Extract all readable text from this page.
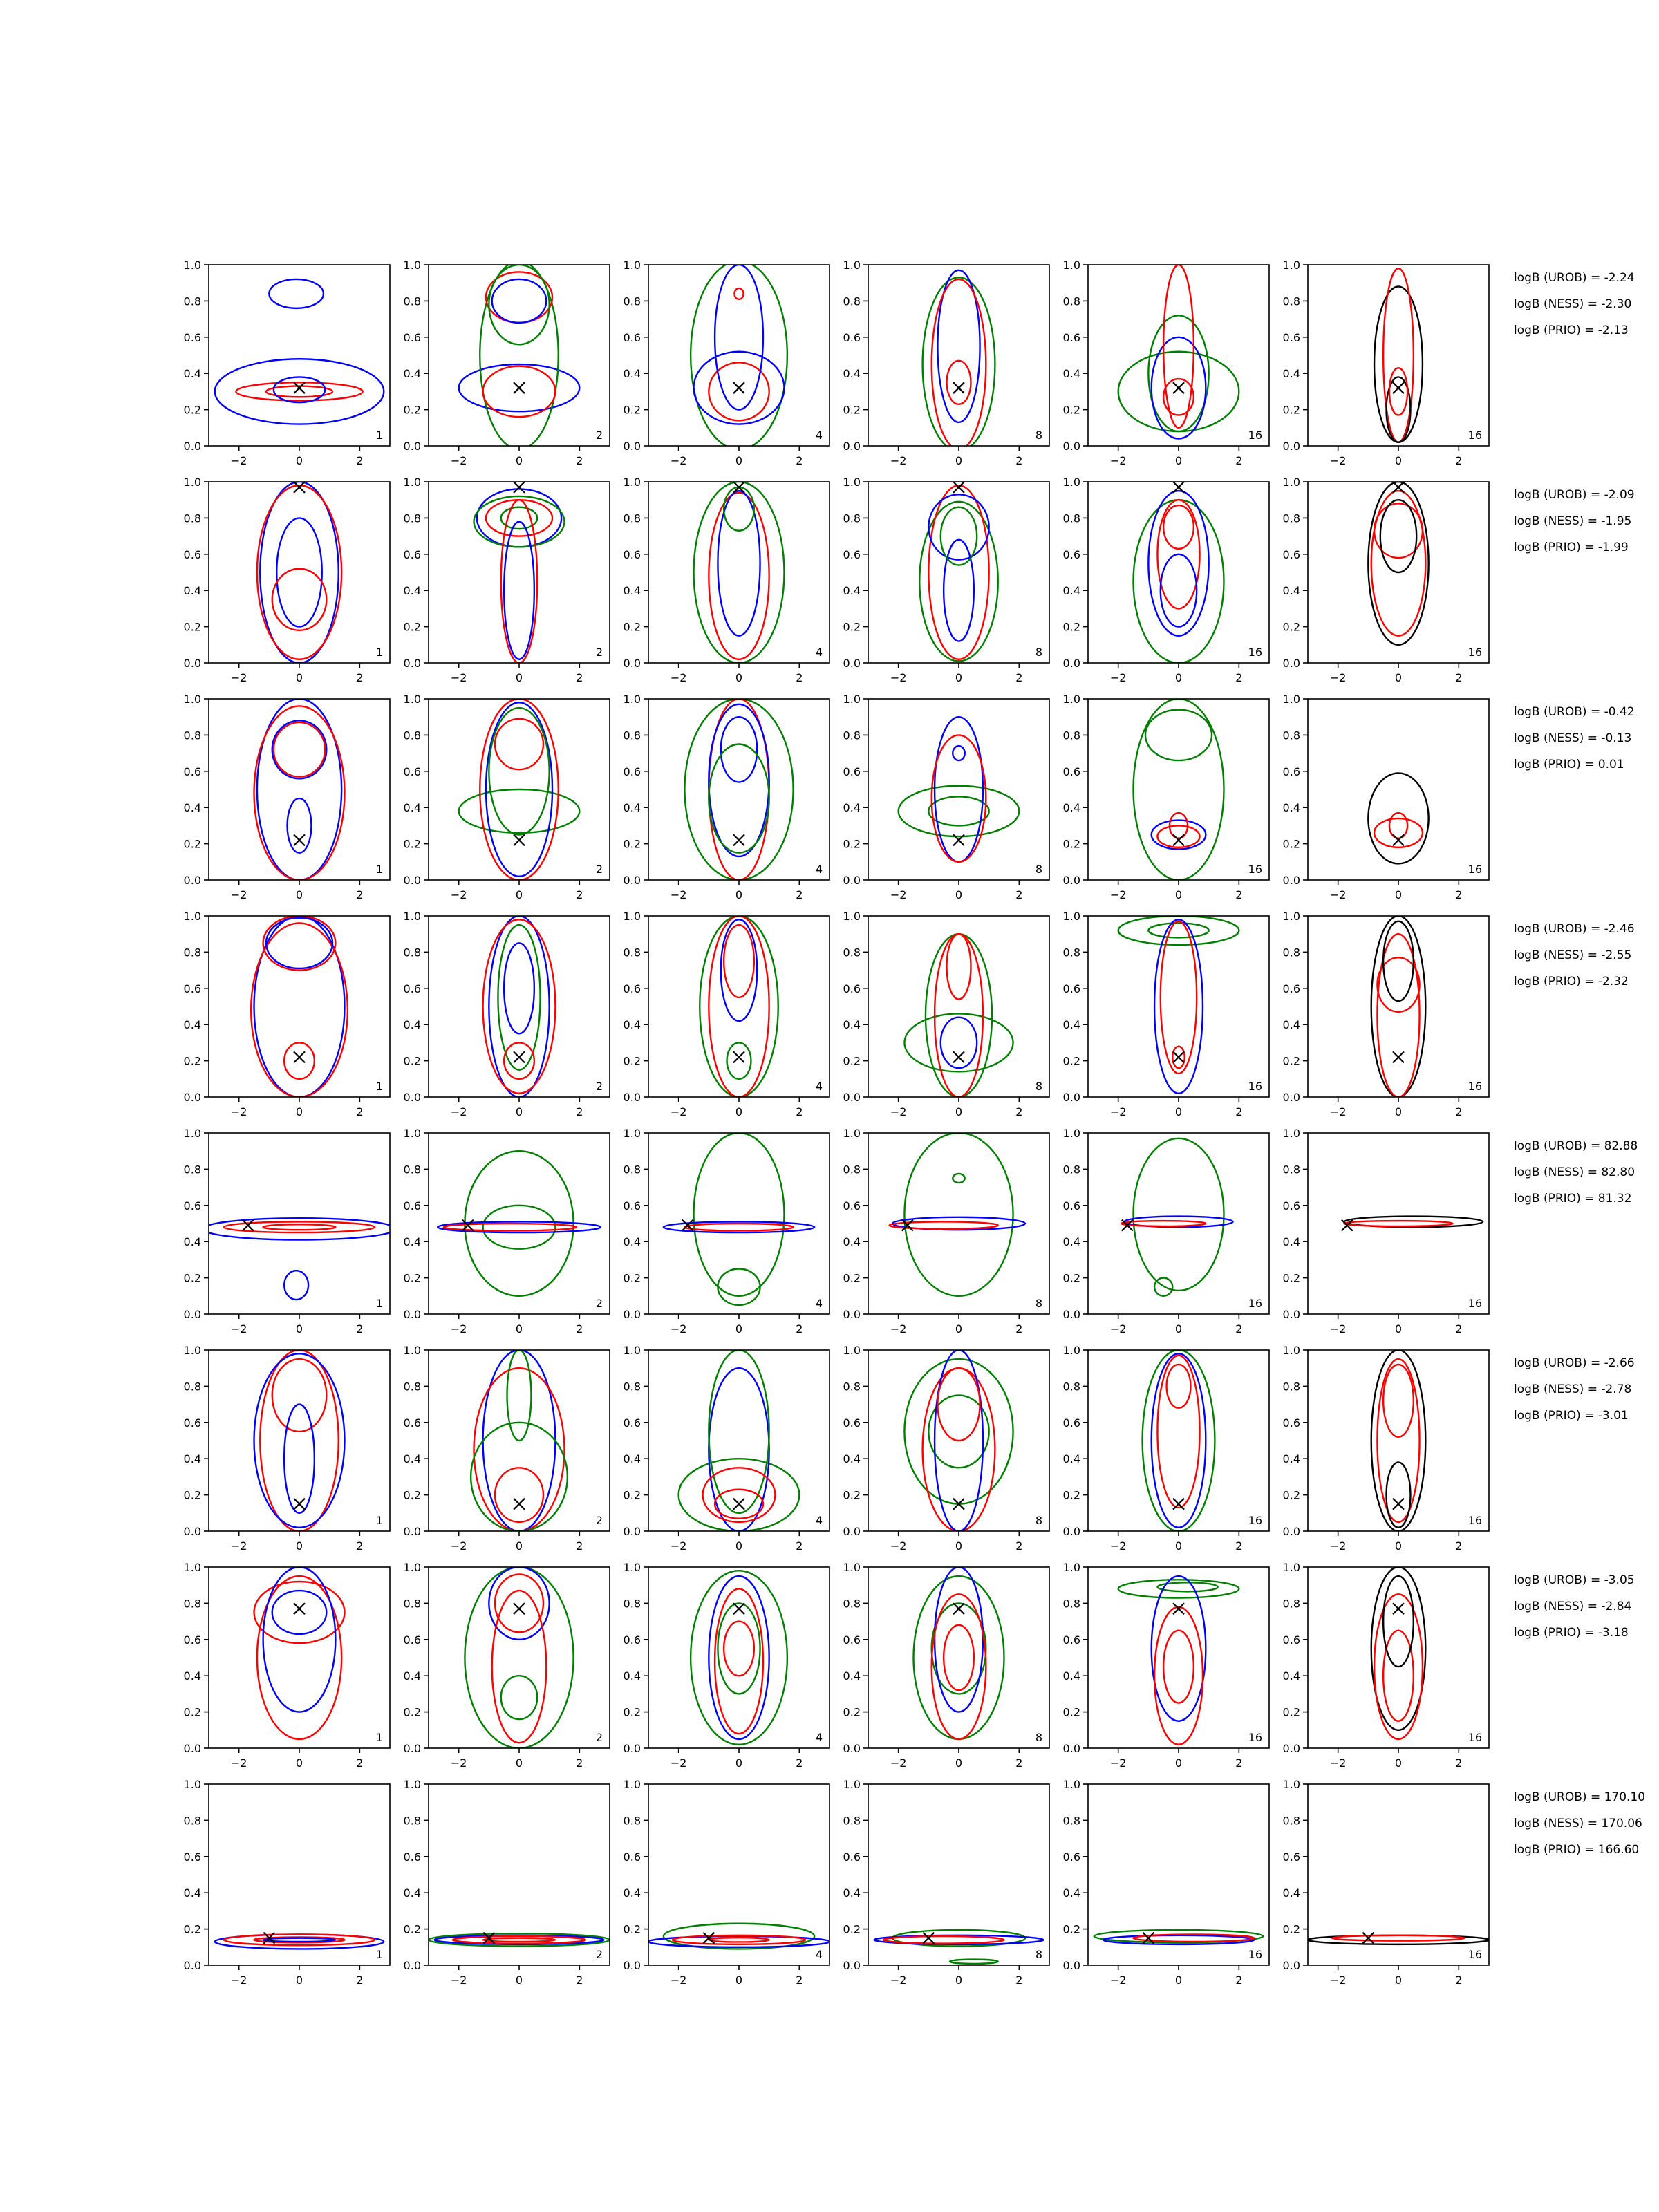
−2	0	2
0.0
0.2
0.4
0.6
0.8
1.0
1
−2	0	2
0.0
0.2
0.4
0.6
0.8
1.0
2
−2	0	2
0.0
0.2
0.4
0.6
0.8
1.0
4
−2	0	2
0.0
0.2
0.4
0.6
0.8
1.0
8
−2	0	2
0.0
0.2
0.4
0.6
0.8
1.0
16
−2	0	2
0.0
0.2
0.4
0.6
0.8
1.0
16
logB (UROB) = -2.24
logB (NESS) = -2.30
logB (PRIO) = -2.13
−2	0	2
0.0
0.2
0.4
0.6
0.8
1.0
1
−2	0	2
0.0
0.2
0.4
0.6
0.8
1.0
2
−2	0	2
0.0
0.2
0.4
0.6
0.8
1.0
4
−2	0	2
0.0
0.2
0.4
0.6
0.8
1.0
8
−2	0	2
0.0
0.2
0.4
0.6
0.8
1.0
16
−2	0	2
0.0
0.2
0.4
0.6
0.8
1.0
16
logB (UROB) = -2.09
logB (NESS) = -1.95
logB (PRIO) = -1.99
−2	0	2
0.0
0.2
0.4
0.6
0.8
1.0
1
−2	0	2
0.0
0.2
0.4
0.6
0.8
1.0
2
−2	0	2
0.0
0.2
0.4
0.6
0.8
1.0
4
−2	0	2
0.0
0.2
0.4
0.6
0.8
1.0
8
−2	0	2
0.0
0.2
0.4
0.6
0.8
1.0
16
−2	0	2
0.0
0.2
0.4
0.6
0.8
1.0
16
logB (UROB) = -0.42
logB (NESS) = -0.13
logB (PRIO) = 0.01
−2	0	2
0.0
0.2
0.4
0.6
0.8
1.0
1
−2	0	2
0.0
0.2
0.4
0.6
0.8
1.0
2
−2	0	2
0.0
0.2
0.4
0.6
0.8
1.0
4
−2	0	2
0.0
0.2
0.4
0.6
0.8
1.0
8
−2	0	2
0.0
0.2
0.4
0.6
0.8
1.0
16
−2	0	2
0.0
0.2
0.4
0.6
0.8
1.0
16
logB (UROB) = -2.46
logB (NESS) = -2.55
logB (PRIO) = -2.32
−2	0	2
0.0
0.2
0.4
0.6
0.8
1.0
1
−2	0	2
0.0
0.2
0.4
0.6
0.8
1.0
2
−2	0	2
0.0
0.2
0.4
0.6
0.8
1.0
4
−2	0	2
0.0
0.2
0.4
0.6
0.8
1.0
8
−2	0	2
0.0
0.2
0.4
0.6
0.8
1.0
16
−2	0	2
0.0
0.2
0.4
0.6
0.8
1.0
16
logB (UROB) = 82.88
logB (NESS) = 82.80
logB (PRIO) = 81.32
−2	0	2
0.0
0.2
0.4
0.6
0.8
1.0
1
−2	0	2
0.0
0.2
0.4
0.6
0.8
1.0
2
−2	0	2
0.0
0.2
0.4
0.6
0.8
1.0
4
−2	0	2
0.0
0.2
0.4
0.6
0.8
1.0
8
−2	0	2
0.0
0.2
0.4
0.6
0.8
1.0
16
−2	0	2
0.0
0.2
0.4
0.6
0.8
1.0
16
logB (UROB) = -2.66
logB (NESS) = -2.78
logB (PRIO) = -3.01
−2	0	2
0.0
0.2
0.4
0.6
0.8
1.0
1
−2	0	2
0.0
0.2
0.4
0.6
0.8
1.0
2
−2	0	2
0.0
0.2
0.4
0.6
0.8
1.0
4
−2	0	2
0.0
0.2
0.4
0.6
0.8
1.0
8
−2	0	2
0.0
0.2
0.4
0.6
0.8
1.0
16
−2	0	2
0.0
0.2
0.4
0.6
0.8
1.0
16
logB (UROB) = -3.05
logB (NESS) = -2.84
logB (PRIO) = -3.18
−2	0	2
0.0
0.2
0.4
0.6
0.8
1.0
1
−2	0	2
0.0
0.2
0.4
0.6
0.8
1.0
2
−2	0	2
0.0
0.2
0.4
0.6
0.8
1.0
4
−2	0	2
0.0
0.2
0.4
0.6
0.8
1.0
8
−2	0	2
0.0
0.2
0.4
0.6
0.8
1.0
16
−2	0	2
0.0
0.2
0.4
0.6
0.8
1.0
16
logB (UROB) = 170.10
logB (NESS) = 170.06
logB (PRIO) = 166.60
